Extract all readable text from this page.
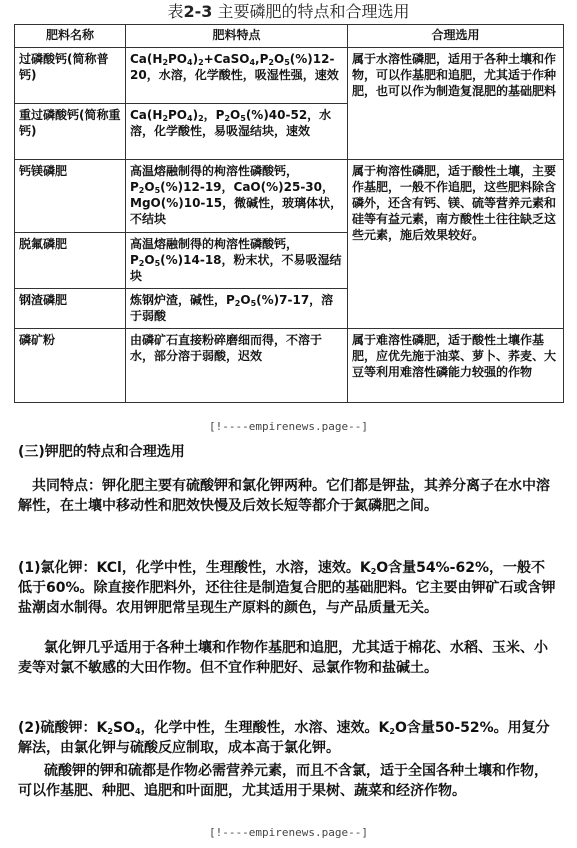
表2-3 主要磷肥的特点和合理选用
肥料名称	肥料特点	合理选用
过磷酸钙(简称普钙)	$Ca(H_2PO_4)_2+CaSO_4,P_2O_5(\%)12-20$，水溶，化学酸性，吸湿性强，速效	属于水溶性磷肥，适用于各种土壤和作物，可以作基肥和追肥，尤其适于作种肥，也可以作为制造复混肥的基础肥料
重过磷酸钙(简称重钙)	$Ca(H_2PO_4)_2$，$P_2O_5(\%)40-52$，水溶，化学酸性，易吸湿结块，速效	
钙镁磷肥	高温熔融制得的枸溶性磷酸钙，$P_2O_5(\%)12-19$，CaO(%)25-30，MgO(%)10-15，微碱性，玻璃体状，不结块	属于枸溶性磷肥，适于酸性土壤，主要作基肥，一般不作追肥，这些肥料除含磷外，还含有钙、镁、硫等营养元素和硅等有益元素，南方酸性土往往缺乏这些元素，施后效果较好。
脱氟磷肥	高温熔融制得的枸溶性磷酸钙，$P_2O_5(\%)14-18$，粉末状，不易吸湿结块	
钢渣磷肥	炼钢炉渣，碱性，$P_2O_5(\%)7-17$，溶于弱酸	
磷矿粉	由磷矿石直接粉碎磨细而得，不溶于水，部分溶于弱酸，迟效	属于难溶性磷肥，适于酸性土壤作基肥，应优先施于油菜、萝卜、荞麦、大豆等利用难溶性磷能力较强的作物
[!----empirenews.page--]
(三)钾肥的特点和合理选用
共同特点：钾化肥主要有硫酸钾和氯化钾两种。它们都是钾盐，其养分离子在水中溶解性，在土壤中移动性和肥效快慢及后效长短等都介于氮磷肥之间。
(1)氯化钾：KCl，化学中性，生理酸性，水溶，速效。$K_2O$含量54%-62%，一般不低于60%。除直接作肥料外，还往往是制造复合肥的基础肥料。它主要由钾矿石或含钾盐潮卤水制得。农用钾肥常呈现生产原料的颜色，与产品质量无关。
氯化钾几乎适用于各种土壤和作物作基肥和追肥，尤其适于棉花、水稻、玉米、小麦等对氯不敏感的大田作物。但不宜作种肥好、忌氯作物和盐碱土。
(2)硫酸钾：$K_2SO_4$，化学中性，生理酸性，水溶、速效。$K_2O$含量50-52%。用复分解法，由氯化钾与硫酸反应制取，成本高于氯化钾。
硫酸钾的钾和硫都是作物必需营养元素，而且不含氯，适于全国各种土壤和作物，可以作基肥、种肥、追肥和叶面肥，尤其适用于果树、蔬菜和经济作物。
[!----empirenews.page--]
